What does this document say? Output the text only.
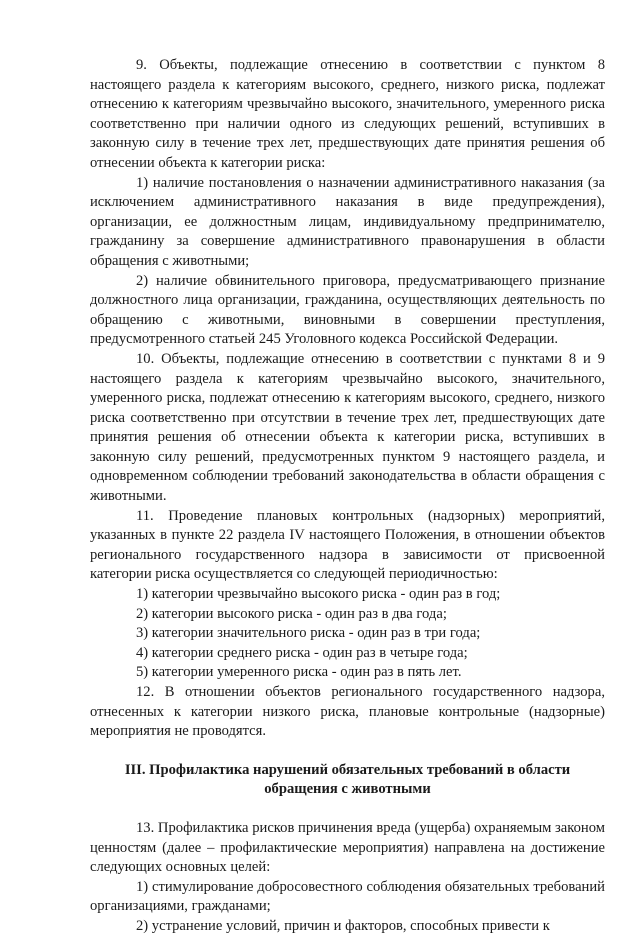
9. Объекты, подлежащие отнесению в соответствии с пунктом 8 настоящего раздела к категориям высокого, среднего, низкого риска, подлежат отнесению к категориям чрезвычайно высокого, значительного, умеренного риска соответственно при наличии одного из следующих решений, вступивших в законную силу в течение трех лет, предшествующих дате принятия решения об отнесении объекта к категории риска:

1) наличие постановления о назначении административного наказания (за исключением административного наказания в виде предупреждения), организации, ее должностным лицам, индивидуальному предпринимателю, гражданину за совершение административного правонарушения в области обращения с животными;

2) наличие обвинительного приговора, предусматривающего признание должностного лица организации, гражданина, осуществляющих деятельность по обращению с животными, виновными в совершении преступления, предусмотренного статьей 245 Уголовного кодекса Российской Федерации.

10. Объекты, подлежащие отнесению в соответствии с пунктами 8 и 9 настоящего раздела к категориям чрезвычайно высокого, значительного, умеренного риска, подлежат отнесению к категориям высокого, среднего, низкого риска соответственно при отсутствии в течение трех лет, предшествующих дате принятия решения об отнесении объекта к категории риска, вступивших в законную силу решений, предусмотренных пунктом 9 настоящего раздела, и одновременном соблюдении требований законодательства в области обращения с животными.

11. Проведение плановых контрольных (надзорных) мероприятий, указанных в пункте 22 раздела IV настоящего Положения, в отношении объектов регионального государственного надзора в зависимости от присвоенной категории риска осуществляется со следующей периодичностью:

1) категории чрезвычайно высокого риска - один раз в год;

2) категории высокого риска - один раз в два года;

3) категории значительного риска - один раз в три года;

4) категории среднего риска - один раз в четыре года;

5) категории умеренного риска - один раз в пять лет.

12. В отношении объектов регионального государственного надзора, отнесенных к категории низкого риска, плановые контрольные (надзорные) мероприятия не проводятся.

III. Профилактика нарушений обязательных требований в области обращения с животными

13. Профилактика рисков причинения вреда (ущерба) охраняемым законом ценностям (далее – профилактические мероприятия) направлена на достижение следующих основных целей:

1) стимулирование добросовестного соблюдения обязательных требований организациями, гражданами;

2) устранение условий, причин и факторов, способных привести к
